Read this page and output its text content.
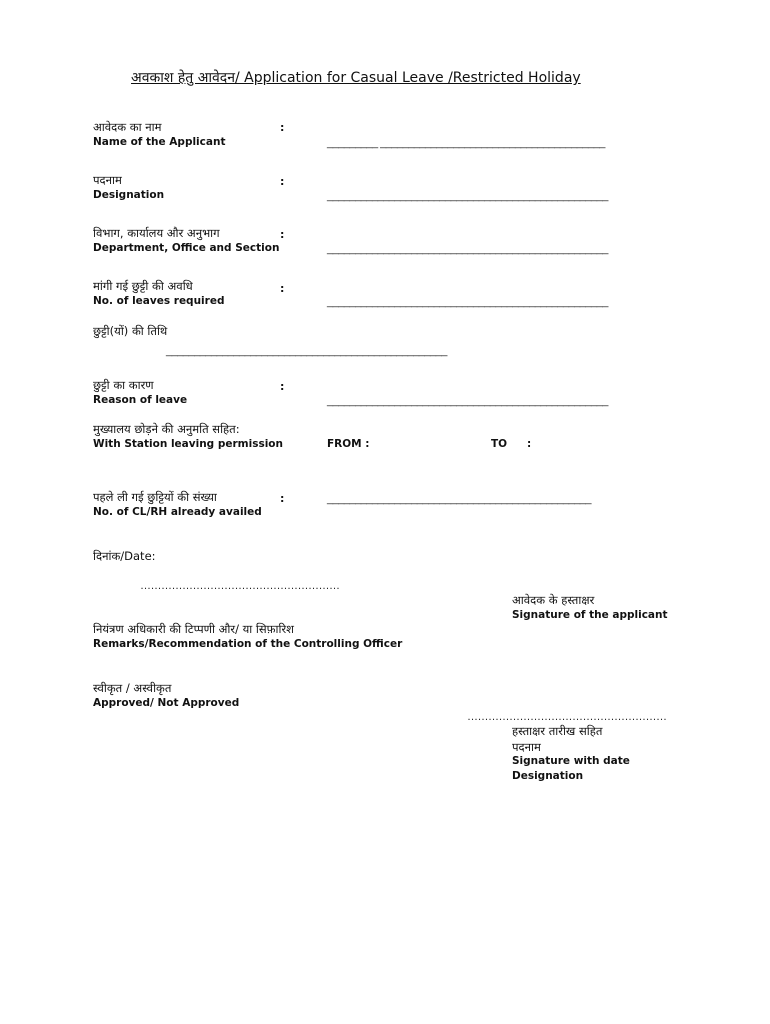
अवकाश हेतु आवेदन/ Application for Casual Leave /Restricted Holiday
आवेदक का नाम
Name of the Applicant
:
_________ ________________________________________
पदनाम
Designation
:
__________________________________________________
विभाग, कार्यालय और अनुभाग
Department, Office and Section
:
__________________________________________________
मांगी गई छुट्टी की अवधि
No. of leaves required
:
__________________________________________________
छुट्टी(यों) की तिथि
__________________________________________________
छुट्टी का कारण
Reason of leave
:
__________________________________________________
मुख्यालय छोड़ने की अनुमति सहित:
With Station leaving permission	FROM :	TO :
पहले ली गई छुट्टियों की संख्या
No. of CL/RH already availed
:	_______________________________________________
दिनांक/Date:
…………………………………………………
आवेदक के हस्ताक्षर
Signature of the applicant
नियंत्रण अधिकारी की टिप्पणी और/ या सिफ़ारिश
Remarks/Recommendation of the Controlling Officer
स्वीकृत / अस्वीकृत
Approved/ Not Approved
…………………………………………………
हस्ताक्षर तारीख सहित
पदनाम
Signature with date
Designation
